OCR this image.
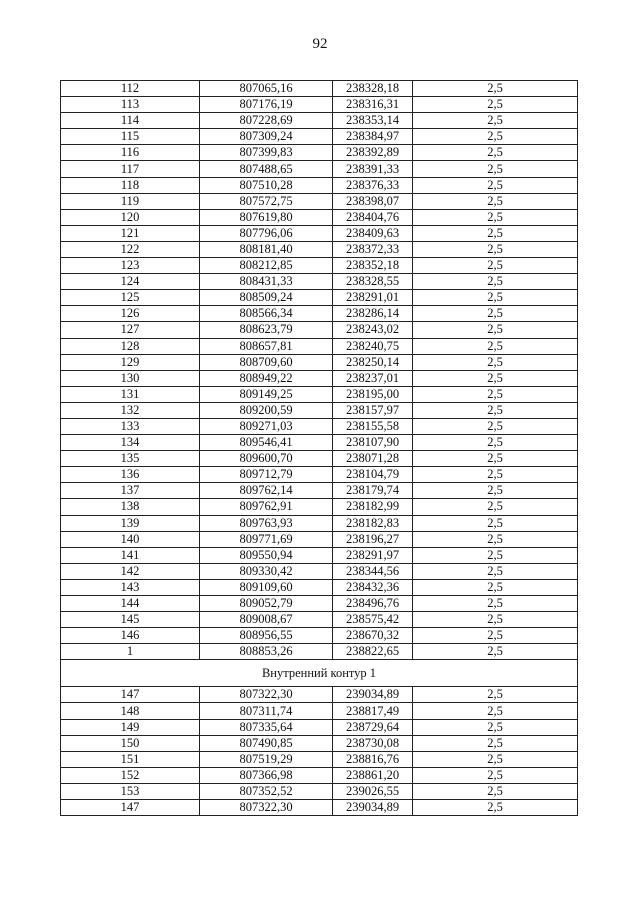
92
112	807065,16	238328,18	2,5
113	807176,19	238316,31	2,5
114	807228,69	238353,14	2,5
115	807309,24	238384,97	2,5
116	807399,83	238392,89	2,5
117	807488,65	238391,33	2,5
118	807510,28	238376,33	2,5
119	807572,75	238398,07	2,5
120	807619,80	238404,76	2,5
121	807796,06	238409,63	2,5
122	808181,40	238372,33	2,5
123	808212,85	238352,18	2,5
124	808431,33	238328,55	2,5
125	808509,24	238291,01	2,5
126	808566,34	238286,14	2,5
127	808623,79	238243,02	2,5
128	808657,81	238240,75	2,5
129	808709,60	238250,14	2,5
130	808949,22	238237,01	2,5
131	809149,25	238195,00	2,5
132	809200,59	238157,97	2,5
133	809271,03	238155,58	2,5
134	809546,41	238107,90	2,5
135	809600,70	238071,28	2,5
136	809712,79	238104,79	2,5
137	809762,14	238179,74	2,5
138	809762,91	238182,99	2,5
139	809763,93	238182,83	2,5
140	809771,69	238196,27	2,5
141	809550,94	238291,97	2,5
142	809330,42	238344,56	2,5
143	809109,60	238432,36	2,5
144	809052,79	238496,76	2,5
145	809008,67	238575,42	2,5
146	808956,55	238670,32	2,5
1	808853,26	238822,65	2,5
Внутренний контур 1			
147	807322,30	239034,89	2,5
148	807311,74	238817,49	2,5
149	807335,64	238729,64	2,5
150	807490,85	238730,08	2,5
151	807519,29	238816,76	2,5
152	807366,98	238861,20	2,5
153	807352,52	239026,55	2,5
147	807322,30	239034,89	2,5
